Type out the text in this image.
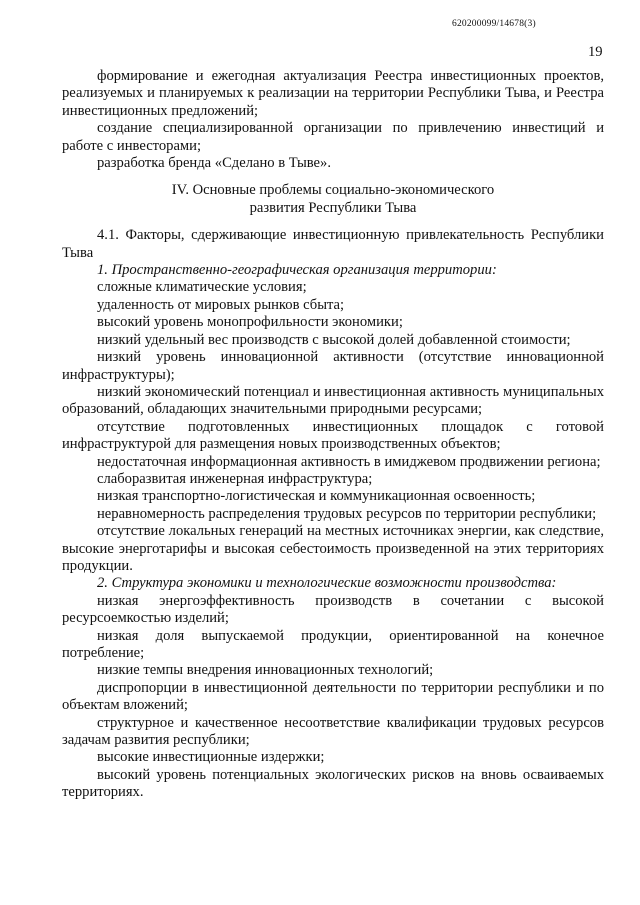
620200099/14678(3)
19

формирование и ежегодная актуализация Реестра инвестиционных проектов, реализуемых и планируемых к реализации на территории Республики Тыва, и Реестра инвестиционных предложений;

создание специализированной организации по привлечению инвестиций и работе с инвесторами;

разработка бренда «Сделано в Тыве».

IV. Основные проблемы социально-экономического
развития Республики Тыва

4.1. Факторы, сдерживающие инвестиционную привлекательность Республики Тыва

1. Пространственно-географическая организация территории:

сложные климатические условия;

удаленность от мировых рынков сбыта;

высокий уровень монопрофильности экономики;

низкий удельный вес производств с высокой долей добавленной стоимости;

низкий уровень инновационной активности (отсутствие инновационной инфраструктуры);

низкий экономический потенциал и инвестиционная активность муниципальных образований, обладающих значительными природными ресурсами;

отсутствие подготовленных инвестиционных площадок с готовой инфраструктурой для размещения новых производственных объектов;

недостаточная информационная активность в имиджевом продвижении региона;

слаборазвитая инженерная инфраструктура;

низкая транспортно-логистическая и коммуникационная освоенность;

неравномерность распределения трудовых ресурсов по территории республики;

отсутствие локальных генераций на местных источниках энергии, как следствие, высокие энерготарифы и высокая себестоимость произведенной на этих территориях продукции.

2. Структура экономики и технологические возможности производства:

низкая энергоэффективность производств в сочетании с высокой ресурсоемкостью изделий;

низкая доля выпускаемой продукции, ориентированной на конечное потребление;

низкие темпы внедрения инновационных технологий;

диспропорции в инвестиционной деятельности по территории республики и по объектам вложений;

структурное и качественное несоответствие квалификации трудовых ресурсов задачам развития республики;

высокие инвестиционные издержки;

высокий уровень потенциальных экологических рисков на вновь осваиваемых территориях.
